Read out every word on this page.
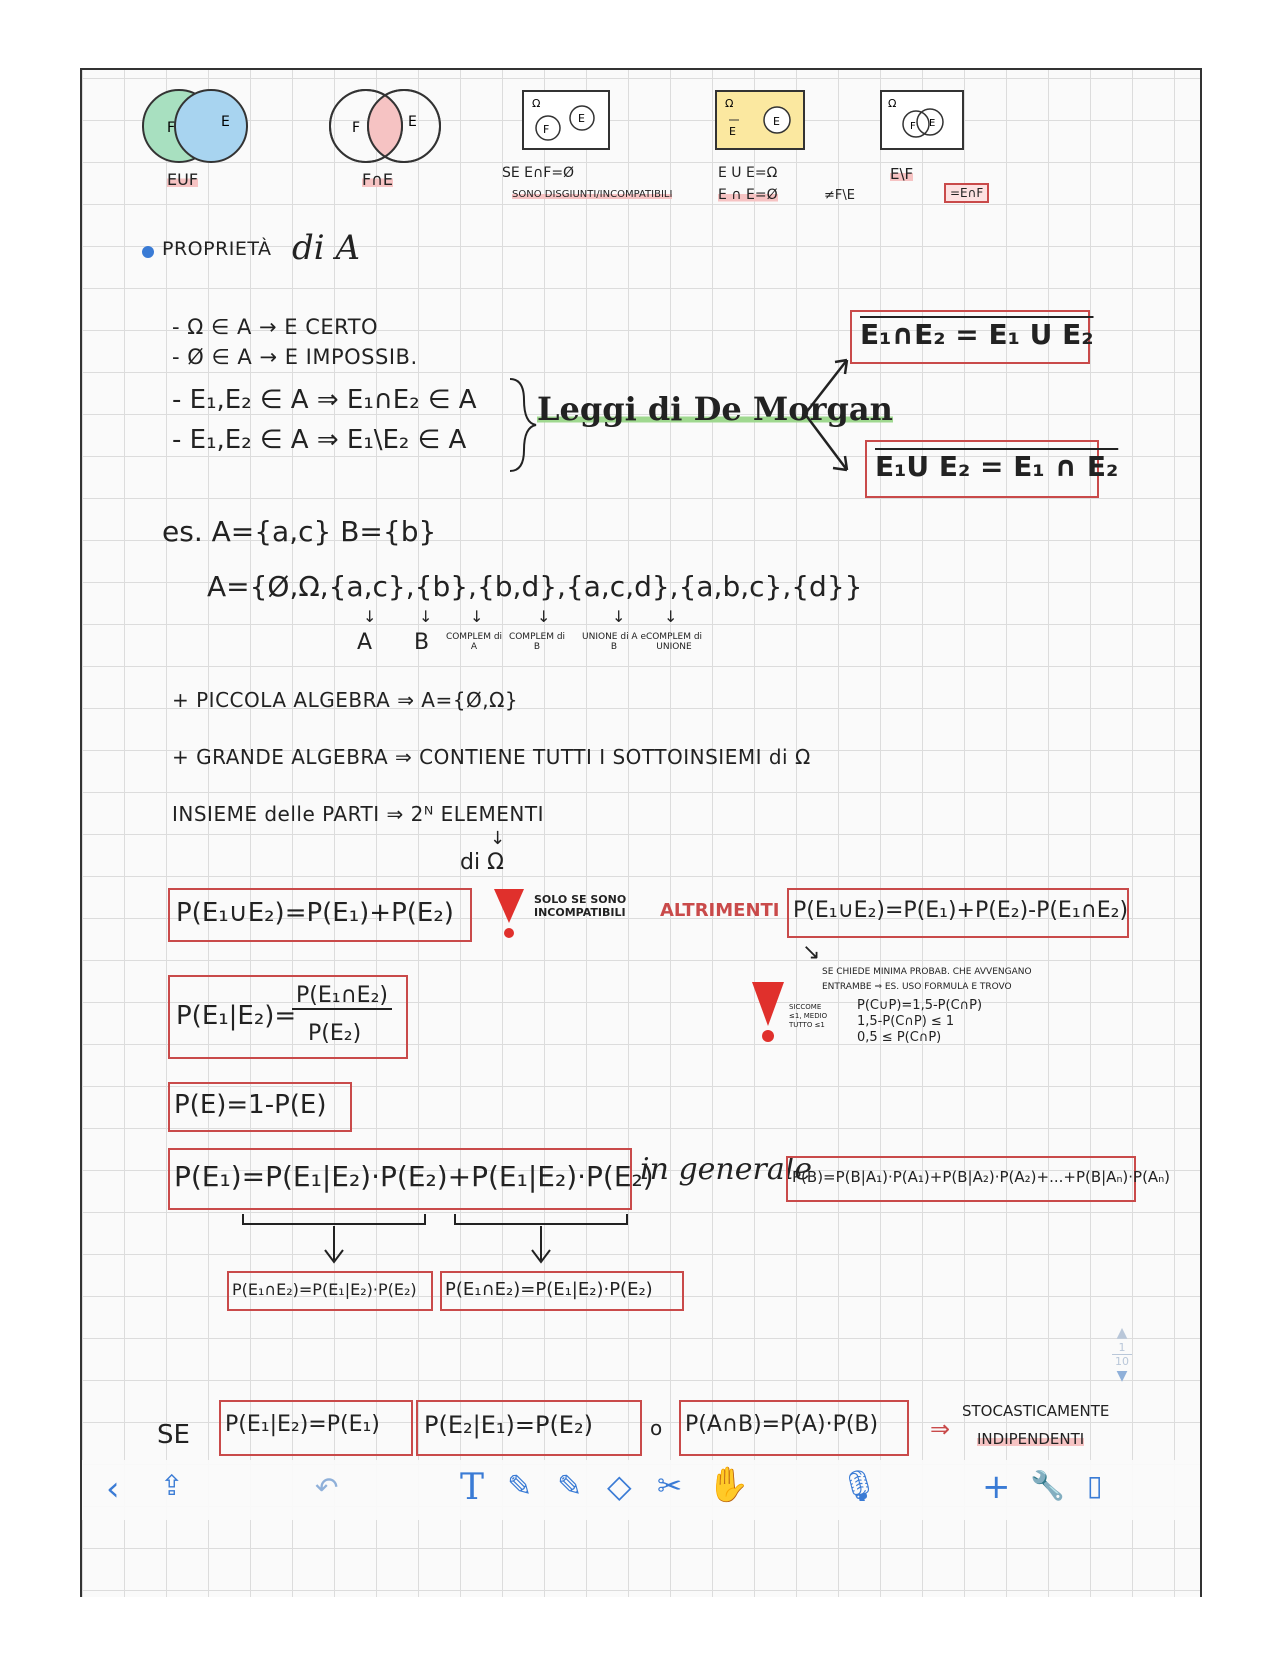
F	E
EUF
F	E
F∩E
Ω
F
E
SE E∩F=Ø
SONO DISGIUNTI/INCOMPATIBILI
Ω
E
E
E U E=Ω
E ∩ E=Ø
Ω
F E
E\F
≠F\E	=E∩F
PROPRIETÀ di A
- Ω ∈ A → E CERTO
- Ø ∈ A → E IMPOSSIB.
- E₁,E₂ ∈ A ⇒ E₁∩E₂ ∈ A
- E₁,E₂ ∈ A ⇒ E₁\E₂ ∈ A
Leggi di De Morgan
E₁∩E₂ = E₁ U E₂
E₁U E₂ = E₁ ∩ E₂
es. A={a,c} B={b}
A={Ø,Ω,{a,c},{b},{b,d},{a,c,d},{a,b,c},{d}}
↓	↓ ↓	↓	↓ ↓
A B COMPLEM di A
COMPLEM di B
UNIONE di A e B
COMPLEM di UNIONE
+ PICCOLA ALGEBRA ⇒ A={Ø,Ω}
+ GRANDE ALGEBRA ⇒ CONTIENE TUTTI I SOTTOINSIEMI di Ω
INSIEME delle PARTI ⇒ 2ᴺ ELEMENTI
↓
di Ω
P(E₁∪E₂)=P(E₁)+P(E₂)	SOLO SE SONO INCOMPATIBILI	ALTRIMENTI P(E₁∪E₂)=P(E₁)+P(E₂)-P(E₁∩E₂)
↘
SE CHIEDE MINIMA PROBAB. CHE AVVENGANO
ENTRAMBE ⇒ ES. USO FORMULA E TROVO
SICCOME
≤1, MEDIO
TUTTO ≤1
P(C∪P)=1,5-P(C∩P)
1,5-P(C∩P) ≤ 1
0,5 ≤ P(C∩P)
P(E₁|E₂)=
P(E₁∩E₂)
P(E₂)
P(E)=1-P(E)
P(E₁)=P(E₁|E₂)·P(E₂)+P(E₁|E₂)·P(E₂)
in generale
P(B)=P(B|A₁)·P(A₁)+P(B|A₂)·P(A₂)+...+P(B|Aₙ)·P(Aₙ)
P(E₁∩E₂)=P(E₁|E₂)·P(E₂) P(E₁∩E₂)=P(E₁|E₂)·P(E₂)
SE P(E₁|E₂)=P(E₁) P(E₂|E₁)=P(E₂)	o P(A∩B)=P(A)·P(B) ⇒
STOCASTICAMENTE
INDIPENDENTI
▲
1
10
▼
‹ ⇪	↶	T ✎ ✎ ◇ ✂ ✋	🎙	+ 🔧 ▯
